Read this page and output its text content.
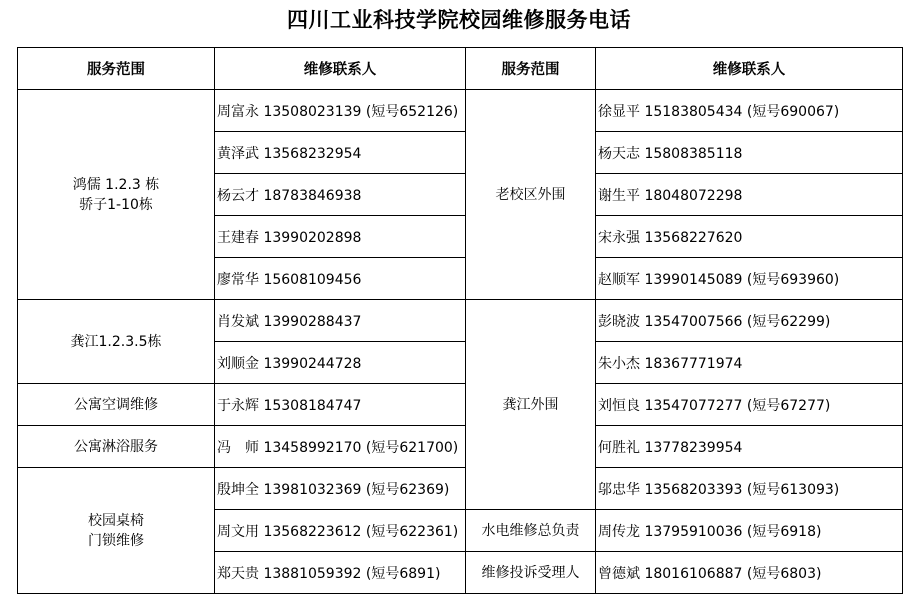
四川工业科技学院校园维修服务电话
服务范围	维修联系人	服务范围	维修联系人

鸿儒 1.2.3 栋
骄子1-10栋	周富永 13508023139 (短号652126)	老校区外围	徐显平 15183805434 (短号690067)
	黄泽武 13568232954		杨天志 15808385118
	杨云才 18783846938		谢生平 18048072298
	王建春 13990202898		宋永强 13568227620
	廖常华 15608109456		赵顺军 13990145089 (短号693960)

龚江1.2.3.5栋	肖发斌 13990288437	龚江外围	彭晓波 13547007566 (短号62299)
	刘顺金 13990244728		朱小杰 18367771974

公寓空调维修	于永辉 15308184747		刘恒良 13547077277 (短号67277)

公寓淋浴服务	冯　师 13458992170 (短号621700)		何胜礼 13778239954

校园桌椅
门锁维修	殷坤全 13981032369 (短号62369)		邬忠华 13568203393 (短号613093)
	周文用 13568223612 (短号622361)	水电维修总负责	周传龙 13795910036 (短号6918)
	郑天贵 13881059392 (短号6891)	维修投诉受理人	曾德斌 18016106887 (短号6803)
